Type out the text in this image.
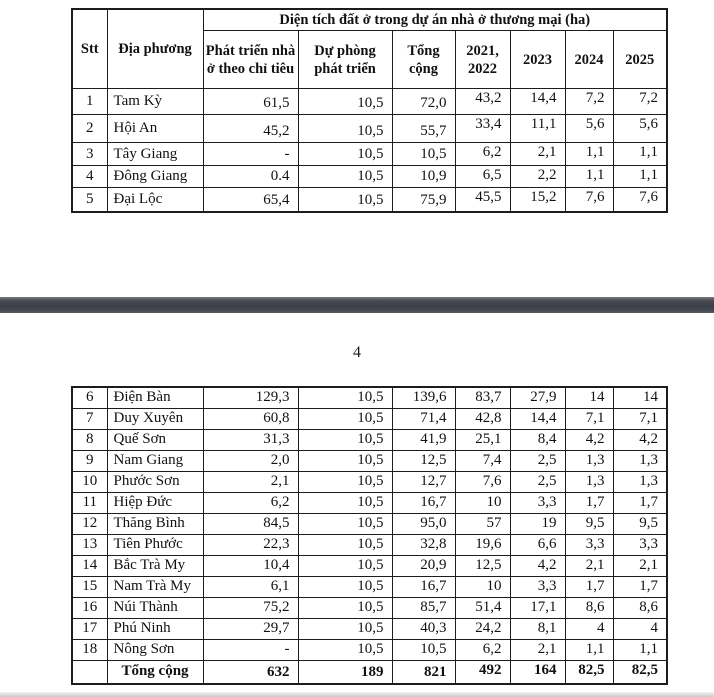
Stt	Địa phương	Diện tích đất ở trong dự án nhà ở thương mại (ha)						
		Phát triển nhà ở theo chỉ tiêu	Dự phòng phát triển	Tổng cộng	2021, 2022	2023	2024	2025
1	Tam Kỳ	61,5	10,5	72,0	43,2	14,4	7,2	7,2
2	Hội An	45,2	10,5	55,7	33,4	11,1	5,6	5,6
3	Tây Giang	-	10,5	10,5	6,2	2,1	1,1	1,1
4	Đông Giang	0.4	10,5	10,9	6,5	2,2	1,1	1,1
5	Đại Lộc	65,4	10,5	75,9	45,5	15,2	7,6	7,6
4
6	Điện Bàn	129,3	10,5	139,6	83,7	27,9	14	14
7	Duy Xuyên	60,8	10,5	71,4	42,8	14,4	7,1	7,1
8	Quế Sơn	31,3	10,5	41,9	25,1	8,4	4,2	4,2
9	Nam Giang	2,0	10,5	12,5	7,4	2,5	1,3	1,3
10	Phước Sơn	2,1	10,5	12,7	7,6	2,5	1,3	1,3
11	Hiệp Đức	6,2	10,5	16,7	10	3,3	1,7	1,7
12	Thăng Bình	84,5	10,5	95,0	57	19	9,5	9,5
13	Tiên Phước	22,3	10,5	32,8	19,6	6,6	3,3	3,3
14	Bắc Trà My	10,4	10,5	20,9	12,5	4,2	2,1	2,1
15	Nam Trà My	6,1	10,5	16,7	10	3,3	1,7	1,7
16	Núi Thành	75,2	10,5	85,7	51,4	17,1	8,6	8,6
17	Phú Ninh	29,7	10,5	40,3	24,2	8,1	4	4
18	Nông Sơn	-	10,5	10,5	6,2	2,1	1,1	1,1
	Tổng cộng	632	189	821	492	164	82,5	82,5
